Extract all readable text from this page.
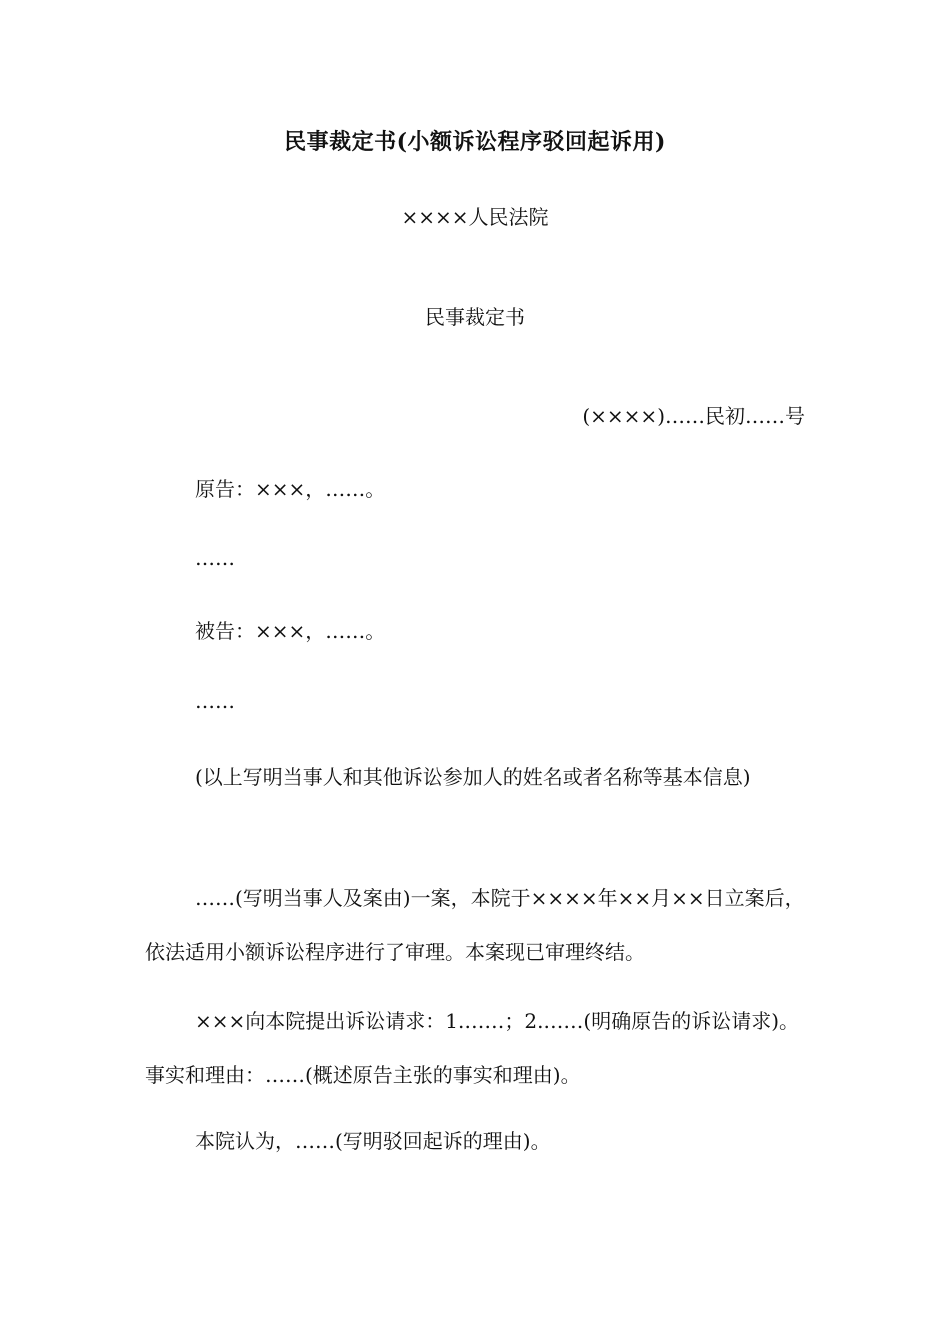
民事裁定书(小额诉讼程序驳回起诉用)
××××人民法院
民事裁定书
(××××)……民初……号

原告：×××，……。

……

被告：×××，……。

……

(以上写明当事人和其他诉讼参加人的姓名或者名称等基本信息)

……(写明当事人及案由)一案，本院于××××年××月××日立案后，依法适用小额诉讼程序进行了审理。本案现已审理终结。

×××向本院提出诉讼请求：1.……；2.……(明确原告的诉讼请求)。事实和理由：……(概述原告主张的事实和理由)。

本院认为，……(写明驳回起诉的理由)。
